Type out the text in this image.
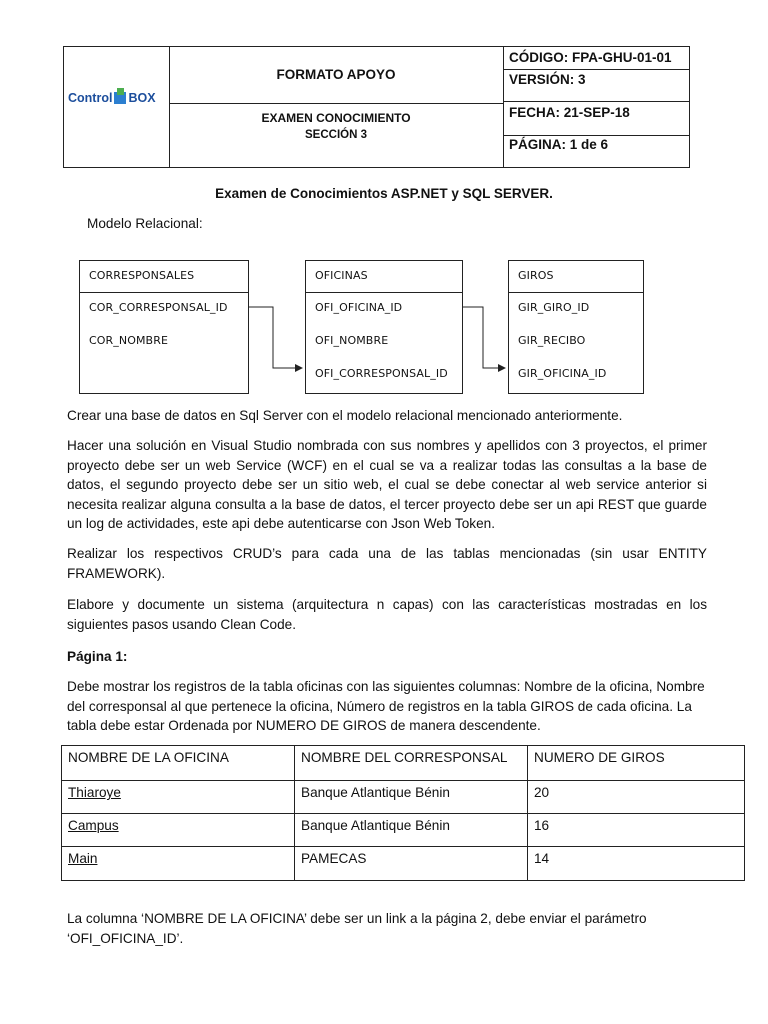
Control BOX
FORMATO APOYO
EXAMEN CONOCIMIENTO
SECCIÓN 3
CÓDIGO: FPA-GHU-01-01
VERSIÓN: 3
FECHA: 21-SEP-18
PÁGINA: 1 de 6
Examen de Conocimientos ASP.NET y SQL SERVER.
Modelo Relacional:
CORRESPONSALES
COR_CORRESPONSAL_ID
COR_NOMBRE
OFICINAS
OFI_OFICINA_ID
OFI_NOMBRE
OFI_CORRESPONSAL_ID
GIROS
GIR_GIRO_ID
GIR_RECIBO
GIR_OFICINA_ID

Crear una base de datos en Sql Server con el modelo relacional mencionado anteriormente.

Hacer una solución en Visual Studio nombrada con sus nombres y apellidos con 3 proyectos, el primer proyecto debe ser un web Service (WCF) en el cual se va a realizar todas las consultas a la base de datos, el segundo proyecto debe ser un sitio web, el cual se debe conectar al web service anterior si necesita realizar alguna consulta a la base de datos, el tercer proyecto debe ser un api REST que guarde un log de actividades, este api debe autenticarse con Json Web Token.

Realizar los respectivos CRUD’s para cada una de las tablas mencionadas (sin usar ENTITY FRAMEWORK).

Elabore y documente un sistema (arquitectura n capas) con las características mostradas en los siguientes pasos usando Clean Code.

Página 1:

Debe mostrar los registros de la tabla oficinas con las siguientes columnas: Nombre de la oficina, Nombre del corresponsal al que pertenece la oficina, Número de registros en la tabla GIROS de cada oficina. La tabla debe estar Ordenada por NUMERO DE GIROS de manera descendente.

NOMBRE DE LA OFICINA	NOMBRE DEL CORRESPONSAL	NUMERO DE GIROS
Thiaroye	Banque Atlantique Bénin	20
Campus	Banque Atlantique Bénin	16
Main	PAMECAS	14

La columna ‘NOMBRE DE LA OFICINA’ debe ser un link a la página 2, debe enviar el parámetro ‘OFI_OFICINA_ID’.
